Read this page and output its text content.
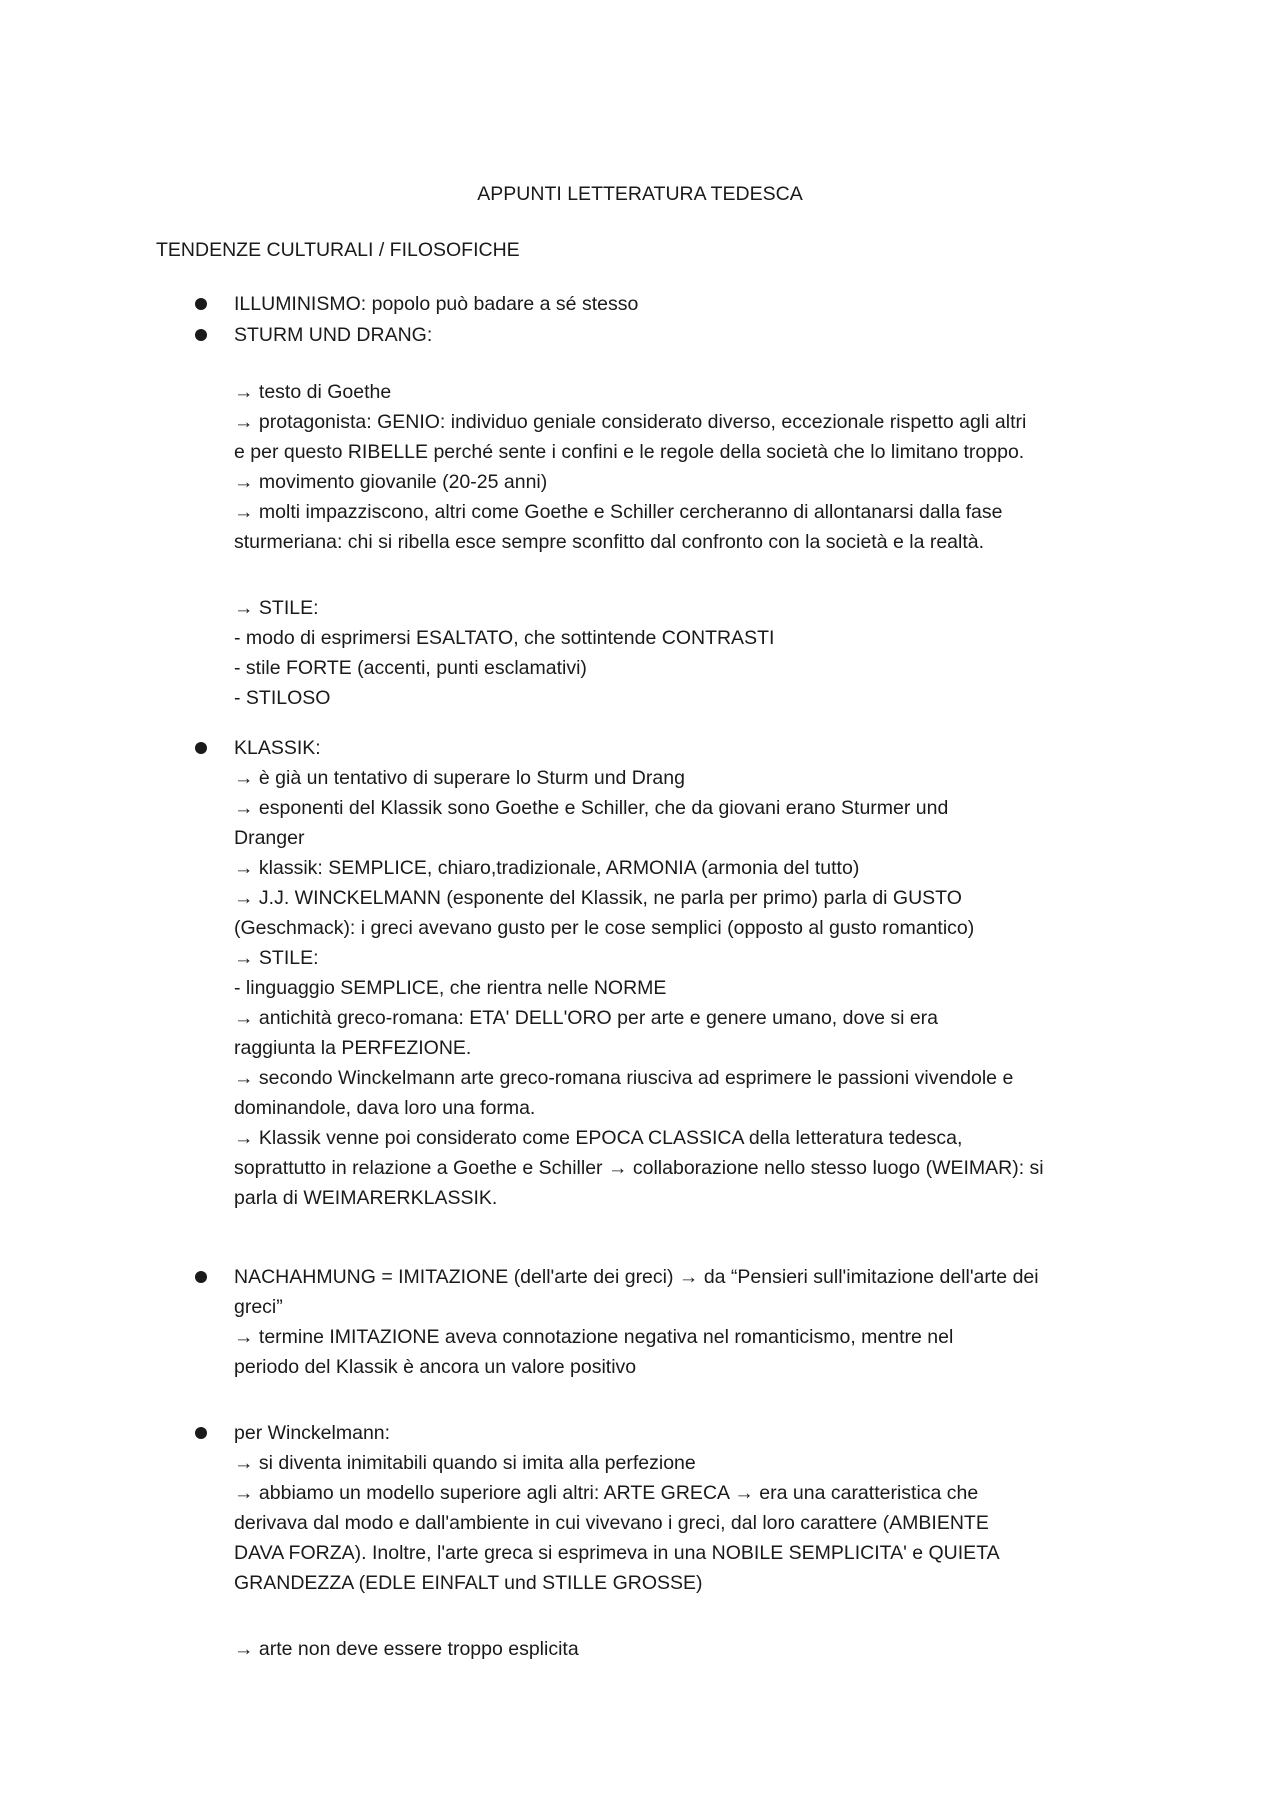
APPUNTI LETTERATURA TEDESCA
TENDENZE CULTURALI / FILOSOFICHE
ILLUMINISMO: popolo può badare a sé stesso
STURM UND DRANG:
→ testo di Goethe
→ protagonista: GENIO: individuo geniale considerato diverso, eccezionale rispetto agli altri
e per questo RIBELLE perché sente i confini e le regole della società che lo limitano troppo.
→ movimento giovanile (20-25 anni)
→ molti impazziscono, altri come Goethe e Schiller cercheranno di allontanarsi dalla fase
sturmeriana: chi si ribella esce sempre sconfitto dal confronto con la società e la realtà.
→ STILE:
- modo di esprimersi ESALTATO, che sottintende CONTRASTI
- stile FORTE (accenti, punti esclamativi)
- STILOSO
KLASSIK:
→ è già un tentativo di superare lo Sturm und Drang
→ esponenti del Klassik sono Goethe e Schiller, che da giovani erano Sturmer und
Dranger
→ klassik: SEMPLICE, chiaro,tradizionale, ARMONIA (armonia del tutto)
→ J.J. WINCKELMANN (esponente del Klassik, ne parla per primo) parla di GUSTO
(Geschmack): i greci avevano gusto per le cose semplici (opposto al gusto romantico)
→ STILE:
- linguaggio SEMPLICE, che rientra nelle NORME
→ antichità greco-romana: ETA' DELL'ORO per arte e genere umano, dove si era
raggiunta la PERFEZIONE.
→ secondo Winckelmann arte greco-romana riusciva ad esprimere le passioni vivendole e
dominandole, dava loro una forma.
→ Klassik venne poi considerato come EPOCA CLASSICA della letteratura tedesca,
soprattutto in relazione a Goethe e Schiller → collaborazione nello stesso luogo (WEIMAR): si
parla di WEIMARERKLASSIK.
NACHAHMUNG = IMITAZIONE (dell'arte dei greci) → da “Pensieri sull'imitazione dell'arte dei
greci”
→ termine IMITAZIONE aveva connotazione negativa nel romanticismo, mentre nel
periodo del Klassik è ancora un valore positivo
per Winckelmann:
→ si diventa inimitabili quando si imita alla perfezione
→ abbiamo un modello superiore agli altri: ARTE GRECA → era una caratteristica che
derivava dal modo e dall'ambiente in cui vivevano i greci, dal loro carattere (AMBIENTE
DAVA FORZA). Inoltre, l'arte greca si esprimeva in una NOBILE SEMPLICITA' e QUIETA
GRANDEZZA (EDLE EINFALT und STILLE GROSSE)
→ arte non deve essere troppo esplicita
